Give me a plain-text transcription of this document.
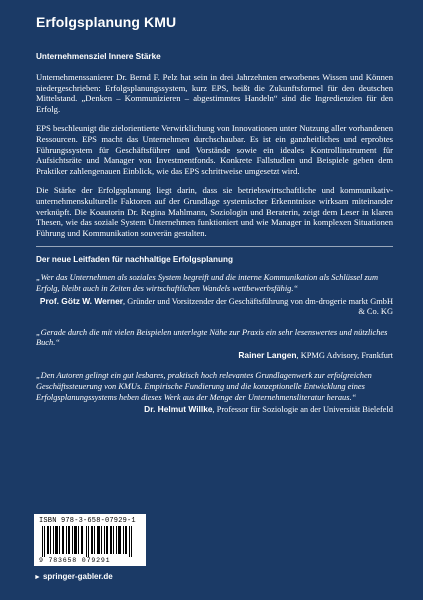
Erfolgsplanung KMU
Unternehmensziel Innere Stärke

Unternehmenssanierer Dr. Bernd F. Pelz hat sein in drei Jahrzehnten erworbenes Wissen und Können niedergeschrieben: Erfolgsplanungssystem, kurz EPS, heißt die Zukunftsformel für den deutschen Mittelstand. „Denken – Kommunizieren – abgestimmtes Handeln“ sind die Ingredienzien für den Erfolg.

EPS beschleunigt die zielorientierte Verwirklichung von Innovationen unter Nutzung aller vorhandenen Ressourcen. EPS macht das Unternehmen durchschaubar. Es ist ein ganzheitliches und erprobtes Führungssystem für Geschäftsführer und Vorstände sowie ein ideales Kontrollinstrument für Aufsichtsräte und Manager von Investmentfonds. Konkrete Fallstudien und Beispiele geben dem Praktiker zahlengenauen Einblick, wie das EPS schrittweise umgesetzt wird.

Die Stärke der Erfolgsplanung liegt darin, dass sie betriebswirtschaftliche und kommunikativ-unternehmenskulturelle Faktoren auf der Grundlage systemischer Erkenntnisse wirksam miteinander verknüpft. Die Koautorin Dr. Regina Mahlmann, Soziologin und Beraterin, zeigt dem Leser in klaren Thesen, wie das soziale System Unternehmen funktioniert und wie Manager in komplexen Situationen Führung und Kommunikation souverän gestalten.

Der neue Leitfaden für nachhaltige Erfolgsplanung

„Wer das Unternehmen als soziales System begreift und die interne Kommunikation als Schlüssel zum Erfolg, bleibt auch in Zeiten des wirtschaftlichen Wandels wettbewerbsfähig.“

Prof. Götz W. Werner, Gründer und Vorsitzender der Geschäftsführung von dm-drogerie markt GmbH & Co. KG

„Gerade durch die mit vielen Beispielen unterlegte Nähe zur Praxis ein sehr lesenswertes und nützliches Buch.“

Rainer Langen, KPMG Advisory, Frankfurt

„Den Autoren gelingt ein gut lesbares, praktisch hoch relevantes Grundlagenwerk zur erfolgreichen Geschäftssteuerung von KMUs. Empirische Fundierung und die konzeptionelle Entwicklung eines Erfolgsplanungssystems heben dieses Werk aus der Menge der Unternehmensliteratur heraus.“

Dr. Helmut Willke, Professor für Soziologie an der Universität Bielefeld

ISBN 978-3-658-07929-1
9 783658 079291
► springer-gabler.de
